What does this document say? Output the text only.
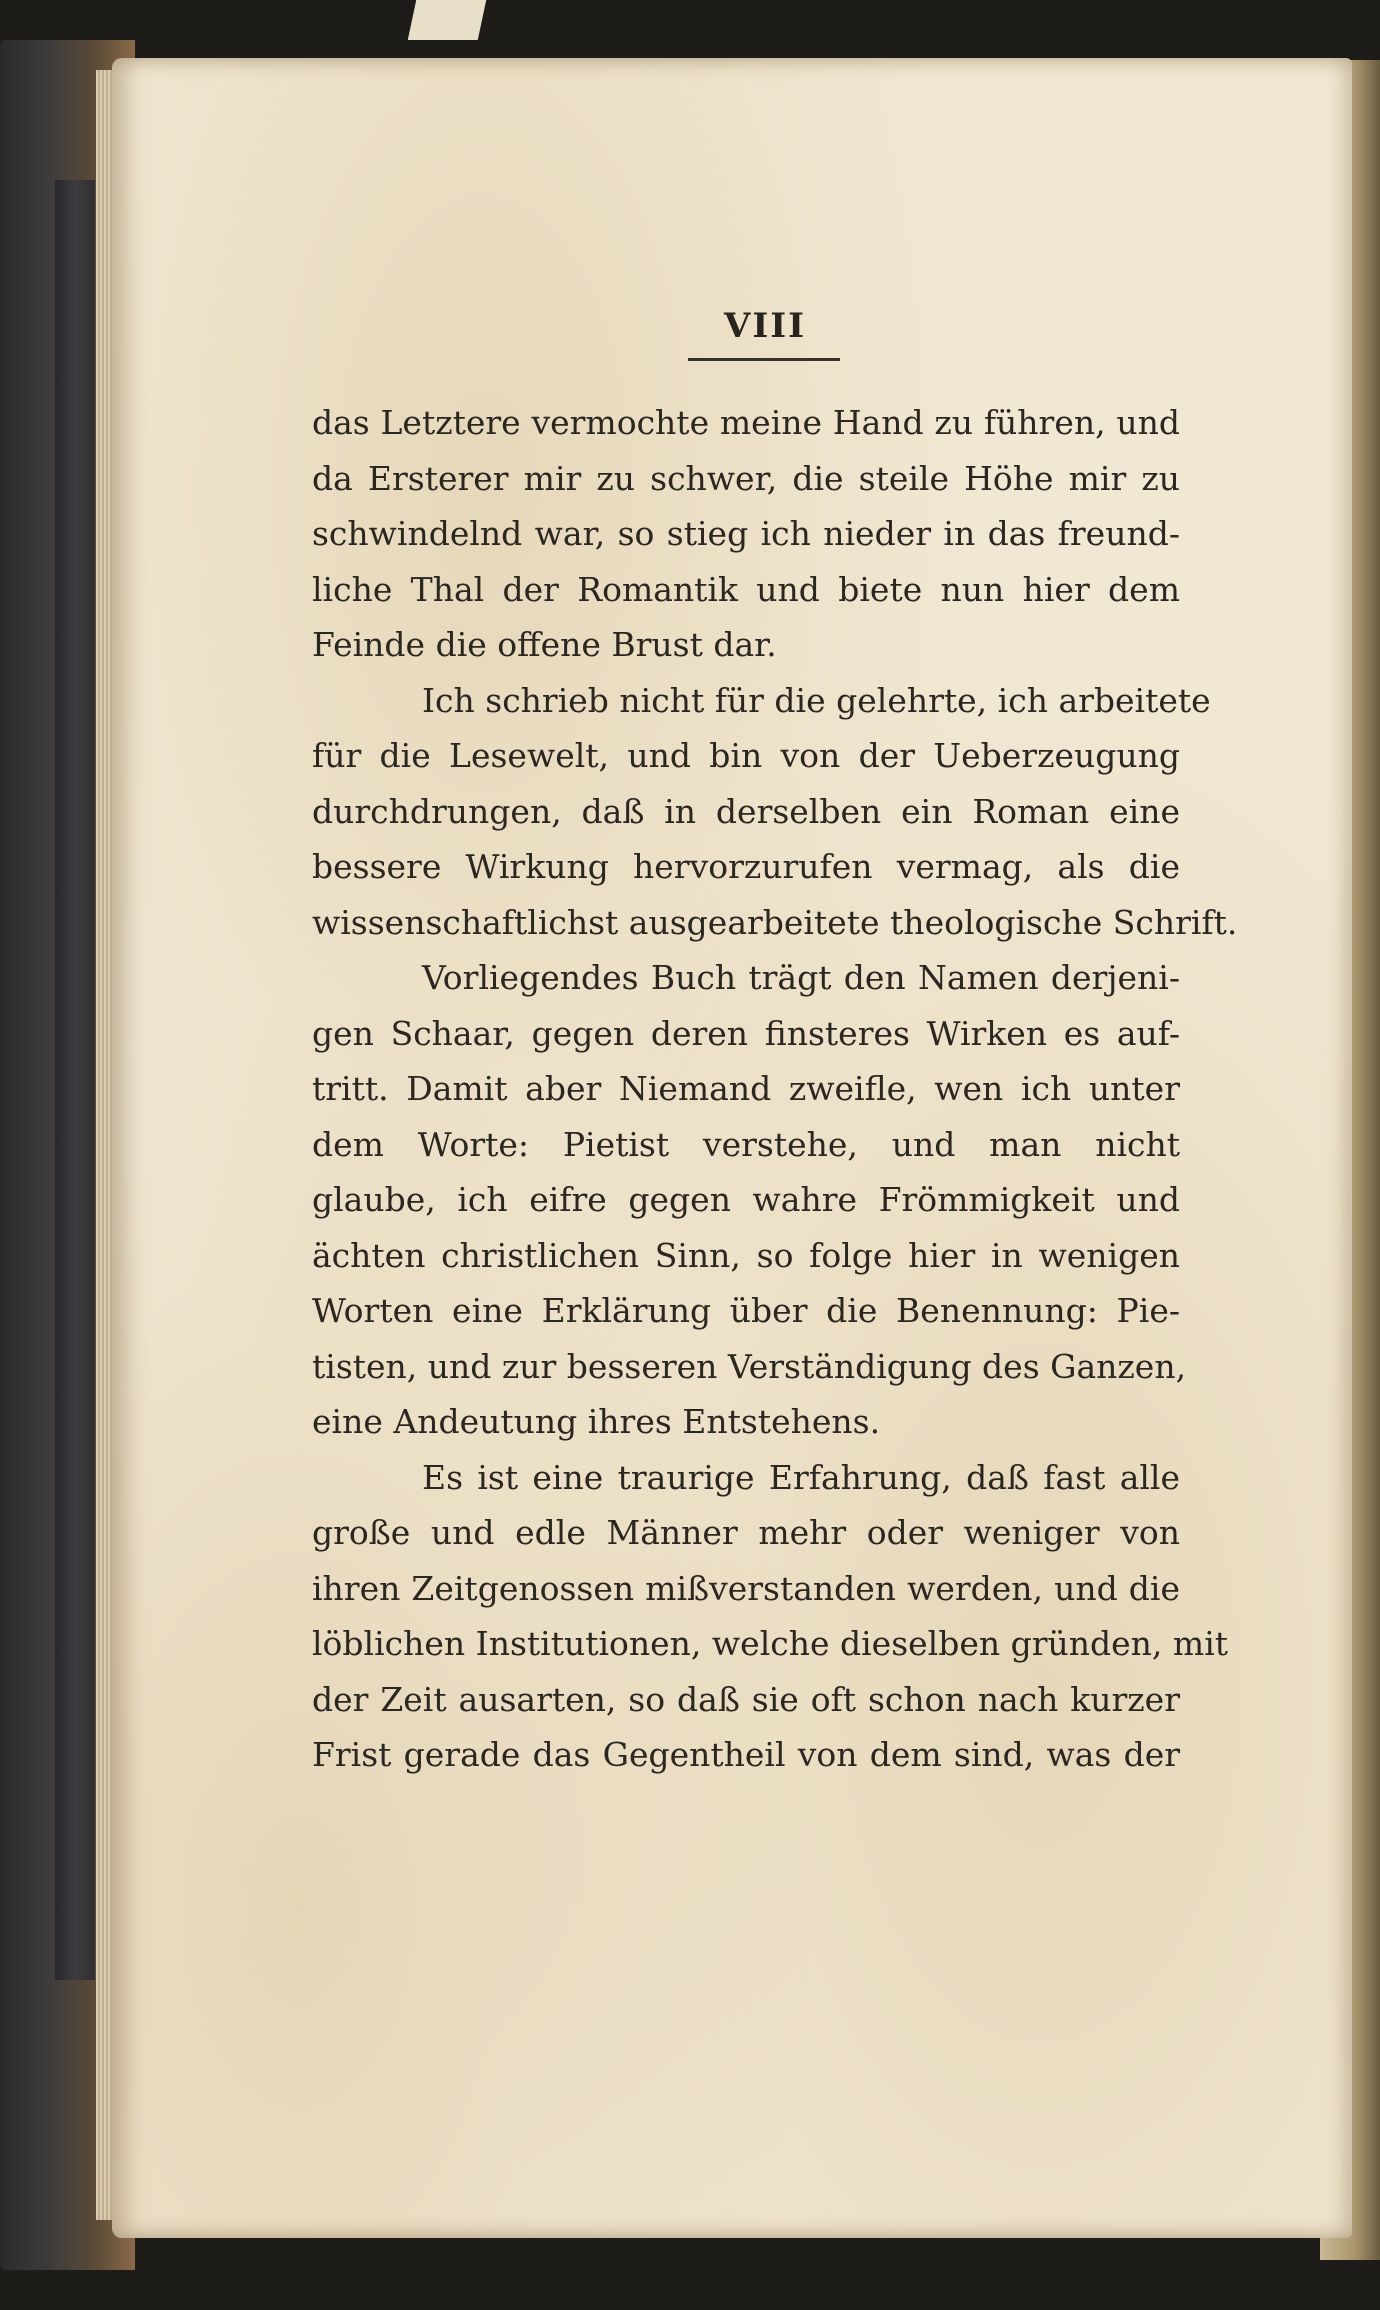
VIII
das Letztere vermochte meine Hand zu führen, und
da Ersterer mir zu schwer, die steile Höhe mir zu
schwindelnd war, so stieg ich nieder in das freund-
liche Thal der Romantik und biete nun hier dem
Feinde die offene Brust dar.
Ich schrieb nicht für die gelehrte, ich arbeitete
für die Lesewelt, und bin von der Ueberzeugung
durchdrungen, daß in derselben ein Roman eine
bessere Wirkung hervorzurufen vermag, als die
wissenschaftlichst ausgearbeitete theologische Schrift.
Vorliegendes Buch trägt den Namen derjeni-
gen Schaar, gegen deren finsteres Wirken es auf-
tritt. Damit aber Niemand zweifle, wen ich unter
dem Worte: Pietist verstehe, und man nicht
glaube, ich eifre gegen wahre Frömmigkeit und
ächten christlichen Sinn, so folge hier in wenigen
Worten eine Erklärung über die Benennung: Pie-
tisten, und zur besseren Verständigung des Ganzen,
eine Andeutung ihres Entstehens.
Es ist eine traurige Erfahrung, daß fast alle
große und edle Männer mehr oder weniger von
ihren Zeitgenossen mißverstanden werden, und die
löblichen Institutionen, welche dieselben gründen, mit
der Zeit ausarten, so daß sie oft schon nach kurzer
Frist gerade das Gegentheil von dem sind, was der
